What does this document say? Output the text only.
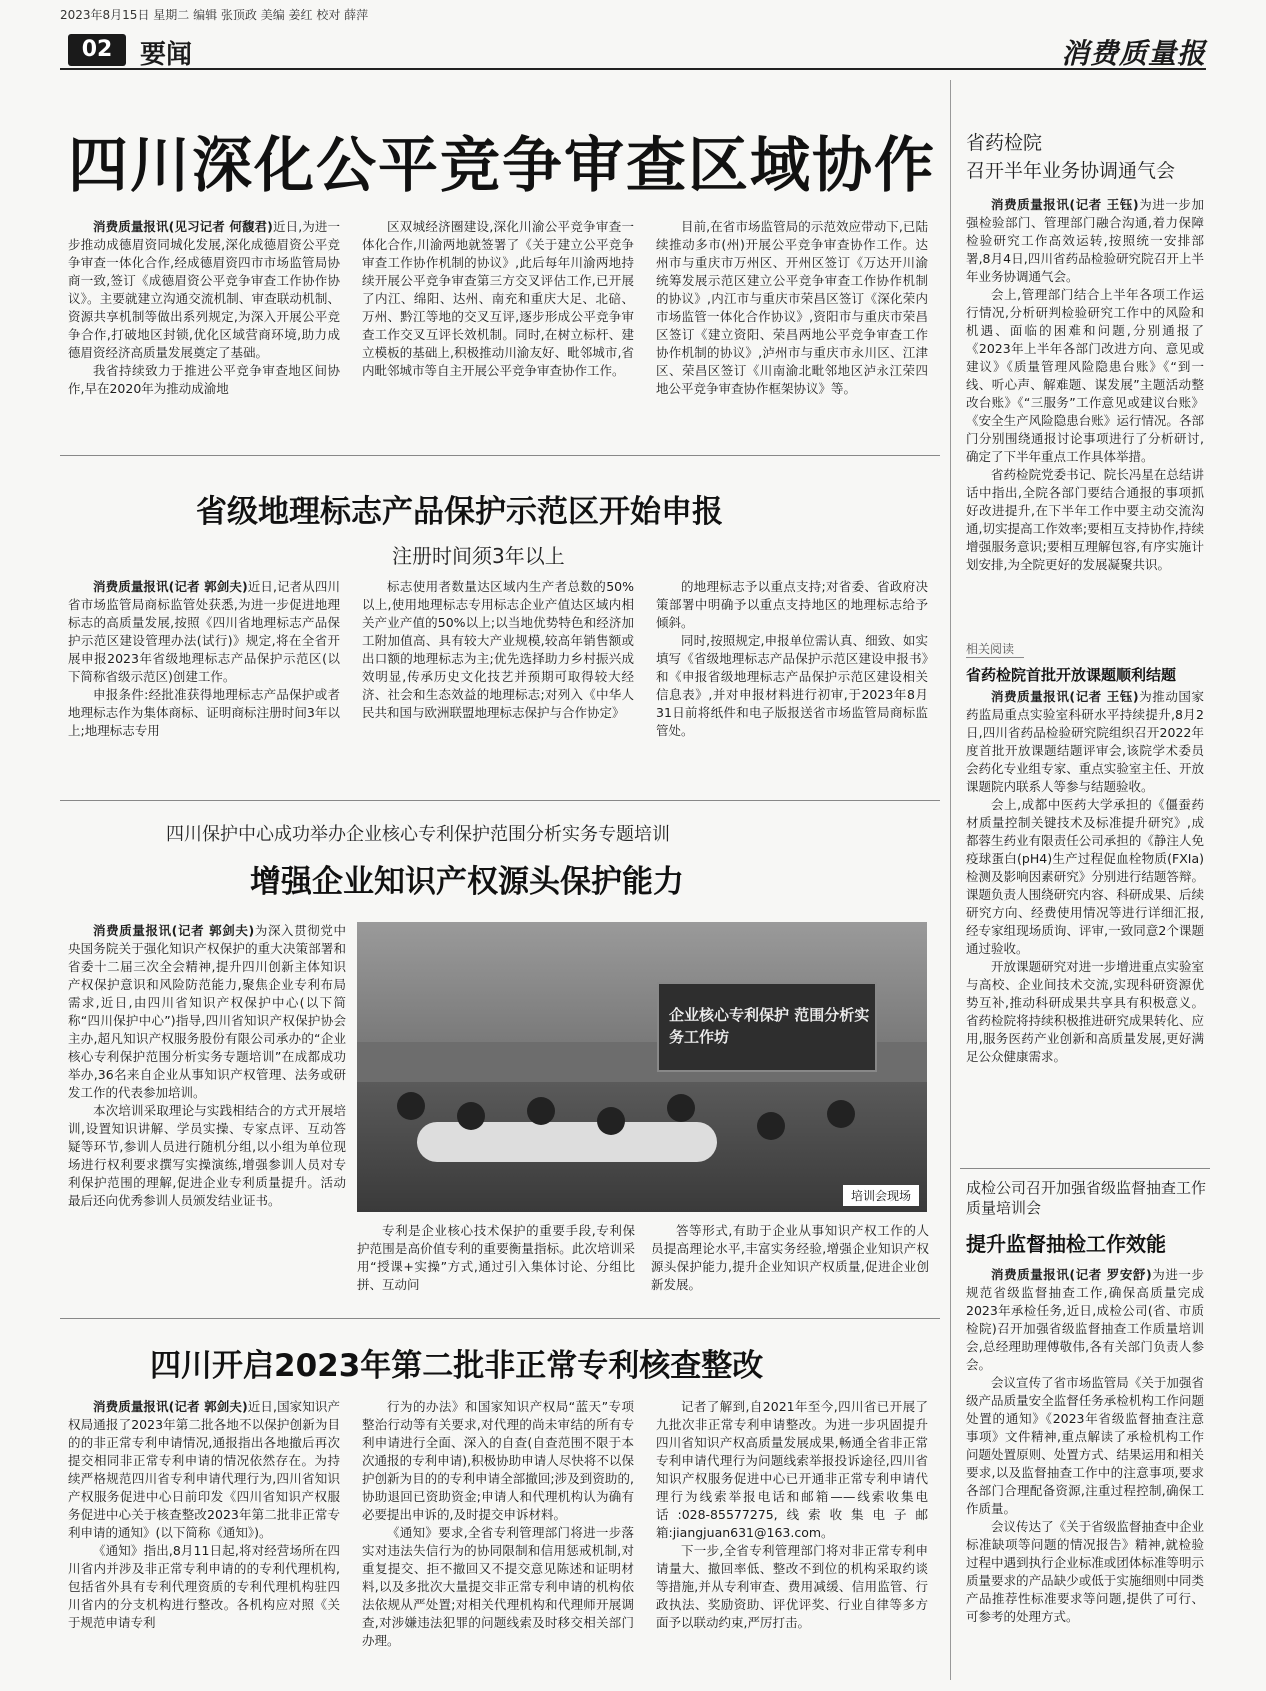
2023年8月15日 星期二 编辑 张顶政 美编 姜红 校对 薛萍
02	要闻	消费质量报
四川深化公平竞争审查区域协作

消费质量报讯(见习记者 何馥君)近日,为进一步推动成德眉资同城化发展,深化成德眉资公平竞争审查一体化合作,经成德眉资四市市场监管局协商一致,签订《成德眉资公平竞争审查工作协作协议》。主要就建立沟通交流机制、审查联动机制、资源共享机制等做出系列规定,为深入开展公平竞争合作,打破地区封锁,优化区域营商环境,助力成德眉资经济高质量发展奠定了基础。

我省持续致力于推进公平竞争审查地区间协作,早在2020年为推动成渝地

区双城经济圈建设,深化川渝公平竞争审查一体化合作,川渝两地就签署了《关于建立公平竞争审查工作协作机制的协议》,此后每年川渝两地持续开展公平竞争审查第三方交叉评估工作,已开展了内江、绵阳、达州、南充和重庆大足、北碚、万州、黔江等地的交叉互评,逐步形成公平竞争审查工作交叉互评长效机制。同时,在树立标杆、建立模板的基础上,积极推动川渝友好、毗邻城市,省内毗邻城市等自主开展公平竞争审查协作工作。

目前,在省市场监管局的示范效应带动下,已陆续推动多市(州)开展公平竞争审查协作工作。达州市与重庆市万州区、开州区签订《万达开川渝统筹发展示范区建立公平竞争审查工作协作机制的协议》,内江市与重庆市荣昌区签订《深化荣内市场监管一体化合作协议》,资阳市与重庆市荣昌区签订《建立资阳、荣昌两地公平竞争审查工作协作机制的协议》,泸州市与重庆市永川区、江津区、荣昌区签订《川南渝北毗邻地区泸永江荣四地公平竞争审查协作框架协议》等。

省级地理标志产品保护示范区开始申报
注册时间须3年以上

消费质量报讯(记者 郭剑夫)近日,记者从四川省市场监管局商标监管处获悉,为进一步促进地理标志的高质量发展,按照《四川省地理标志产品保护示范区建设管理办法(试行)》规定,将在全省开展申报2023年省级地理标志产品保护示范区(以下简称省级示范区)创建工作。

申报条件:经批准获得地理标志产品保护或者地理标志作为集体商标、证明商标注册时间3年以上;地理标志专用

标志使用者数量达区域内生产者总数的50%以上,使用地理标志专用标志企业产值达区域内相关产业产值的50%以上;以当地优势特色和经济加工附加值高、具有较大产业规模,较高年销售额或出口额的地理标志为主;优先选择助力乡村振兴成效明显,传承历史文化技艺并预期可取得较大经济、社会和生态效益的地理标志;对列入《中华人民共和国与欧洲联盟地理标志保护与合作协定》

的地理标志予以重点支持;对省委、省政府决策部署中明确予以重点支持地区的地理标志给予倾斜。

同时,按照规定,申报单位需认真、细致、如实填写《省级地理标志产品保护示范区建设申报书》和《申报省级地理标志产品保护示范区建设相关信息表》,并对申报材料进行初审,于2023年8月31日前将纸件和电子版报送省市场监管局商标监管处。

四川保护中心成功举办企业核心专利保护范围分析实务专题培训
增强企业知识产权源头保护能力

消费质量报讯(记者 郭剑夫)为深入贯彻党中央国务院关于强化知识产权保护的重大决策部署和省委十二届三次全会精神,提升四川创新主体知识产权保护意识和风险防范能力,聚焦企业专利布局需求,近日,由四川省知识产权保护中心(以下简称“四川保护中心”)指导,四川省知识产权保护协会主办,超凡知识产权服务股份有限公司承办的“企业核心专利保护范围分析实务专题培训”在成都成功举办,36名来自企业从事知识产权管理、法务或研发工作的代表参加培训。

本次培训采取理论与实践相结合的方式开展培训,设置知识讲解、学员实操、专家点评、互动答疑等环节,参训人员进行随机分组,以小组为单位现场进行权利要求撰写实操演练,增强参训人员对专利保护范围的理解,促进企业专利质量提升。活动最后还向优秀参训人员颁发结业证书。

企业核心专利保护 范围分析实务工作坊
培训会现场

专利是企业核心技术保护的重要手段,专利保护范围是高价值专利的重要衡量指标。此次培训采用“授课+实操”方式,通过引入集体讨论、分组比拼、互动问

答等形式,有助于企业从事知识产权工作的人员提高理论水平,丰富实务经验,增强企业知识产权源头保护能力,提升企业知识产权质量,促进企业创新发展。

四川开启2023年第二批非正常专利核查整改

消费质量报讯(记者 郭剑夫)近日,国家知识产权局通报了2023年第二批各地不以保护创新为目的的非正常专利申请情况,通报指出各地撤后再次提交相同非正常专利申请的情况依然存在。为持续严格规范四川省专利申请代理行为,四川省知识产权服务促进中心日前印发《四川省知识产权服务促进中心关于核查整改2023年第二批非正常专利申请的通知》(以下简称《通知》)。

《通知》指出,8月11日起,将对经营场所在四川省内并涉及非正常专利申请的的专利代理机构,包括省外具有专利代理资质的专利代理机构驻四川省内的分支机构进行整改。各机构应对照《关于规范申请专利

行为的办法》和国家知识产权局“蓝天”专项整治行动等有关要求,对代理的尚未审结的所有专利申请进行全面、深入的自查(自查范围不限于本次通报的专利申请),积极协助申请人尽快将不以保护创新为目的的专利申请全部撤回;涉及到资助的,协助退回已资助资金;申请人和代理机构认为确有必要提出申诉的,及时提交申诉材料。

《通知》要求,全省专利管理部门将进一步落实对违法失信行为的协同限制和信用惩戒机制,对重复提交、拒不撤回又不提交意见陈述和证明材料,以及多批次大量提交非正常专利申请的机构依法依规从严处置;对相关代理机构和代理师开展调查,对涉嫌违法犯罪的问题线索及时移交相关部门办理。

记者了解到,自2021年至今,四川省已开展了九批次非正常专利申请整改。为进一步巩固提升四川省知识产权高质量发展成果,畅通全省非正常专利申请代理行为问题线索举报投诉途径,四川省知识产权服务促进中心已开通非正常专利申请代理行为线索举报电话和邮箱——线索收集电话:028-85577275,线索收集电子邮箱:jiangjuan631@163.com。

下一步,全省专利管理部门将对非正常专利申请量大、撤回率低、整改不到位的机构采取约谈等措施,并从专利审查、费用减缓、信用监管、行政执法、奖励资助、评优评奖、行业自律等多方面予以联动约束,严厉打击。

省药检院
召开半年业务协调通气会

消费质量报讯(记者 王钰)为进一步加强检验部门、管理部门融合沟通,着力保障检验研究工作高效运转,按照统一安排部署,8月4日,四川省药品检验研究院召开上半年业务协调通气会。

会上,管理部门结合上半年各项工作运行情况,分析研判检验研究工作中的风险和机遇、面临的困难和问题,分别通报了《2023年上半年各部门改进方向、意见或建议》《质量管理风险隐患台账》《“到一线、听心声、解难题、谋发展”主题活动整改台账》《“三服务”工作意见或建议台账》《安全生产风险隐患台账》运行情况。各部门分别围绕通报讨论事项进行了分析研讨,确定了下半年重点工作具体举措。

省药检院党委书记、院长冯星在总结讲话中指出,全院各部门要结合通报的事项抓好改进提升,在下半年工作中要主动交流沟通,切实提高工作效率;要相互支持协作,持续增强服务意识;要相互理解包容,有序实施计划安排,为全院更好的发展凝聚共识。

相关阅读
省药检院首批开放课题顺利结题

消费质量报讯(记者 王钰)为推动国家药监局重点实验室科研水平持续提升,8月2日,四川省药品检验研究院组织召开2022年度首批开放课题结题评审会,该院学术委员会药化专业组专家、重点实验室主任、开放课题院内联系人等参与结题验收。

会上,成都中医药大学承担的《僵蚕药材质量控制关键技术及标准提升研究》,成都蓉生药业有限责任公司承担的《静注人免疫球蛋白(pH4)生产过程促血栓物质(FXIa)检测及影响因素研究》分别进行结题答辩。课题负责人围绕研究内容、科研成果、后续研究方向、经费使用情况等进行详细汇报,经专家组现场质询、评审,一致同意2个课题通过验收。

开放课题研究对进一步增进重点实验室与高校、企业间技术交流,实现科研资源优势互补,推动科研成果共享具有积极意义。省药检院将持续积极推进研究成果转化、应用,服务医药产业创新和高质量发展,更好满足公众健康需求。

成检公司召开加强省级监督抽查工作质量培训会
提升监督抽检工作效能

消费质量报讯(记者 罗安舒)为进一步规范省级监督抽查工作,确保高质量完成2023年承检任务,近日,成检公司(省、市质检院)召开加强省级监督抽查工作质量培训会,总经理助理傅敬伟,各有关部门负责人参会。

会议宣传了省市场监管局《关于加强省级产品质量安全监督任务承检机构工作问题处置的通知》《2023年省级监督抽查注意事项》文件精神,重点解读了承检机构工作问题处置原则、处置方式、结果运用和相关要求,以及监督抽查工作中的注意事项,要求各部门合理配备资源,注重过程控制,确保工作质量。

会议传达了《关于省级监督抽查中企业标准缺项等问题的情况报告》精神,就检验过程中遇到执行企业标准或团体标准等明示质量要求的产品缺少或低于实施细则中同类产品推荐性标准要求等问题,提供了可行、可参考的处理方式。
